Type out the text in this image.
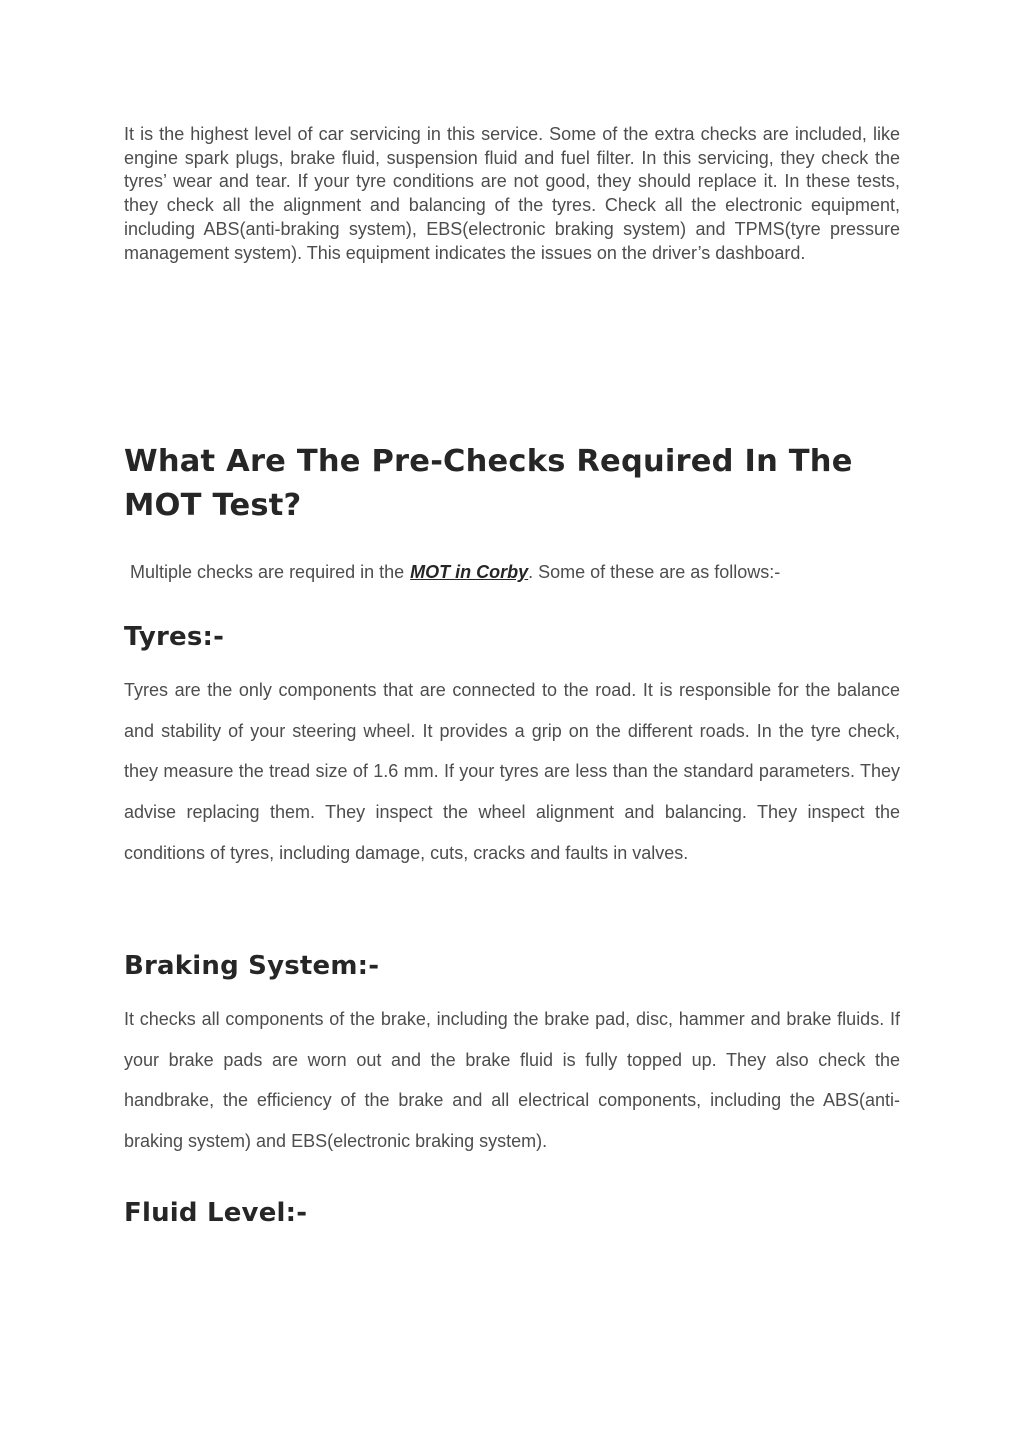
It is the highest level of car servicing in this service. Some of the extra checks are included, like engine spark plugs, brake fluid, suspension fluid and fuel filter. In this servicing, they check the tyres’ wear and tear. If your tyre conditions are not good, they should replace it. In these tests, they check all the alignment and balancing of the tyres. Check all the electronic equipment, including ABS(anti-braking system), EBS(electronic braking system) and TPMS(tyre pressure management system). This equipment indicates the issues on the driver’s dashboard.

What Are The Pre-Checks Required In The MOT Test?

Multiple checks are required in the MOT in Corby. Some of these are as follows:-

Tyres:-

Tyres are the only components that are connected to the road. It is responsible for the balance and stability of your steering wheel. It provides a grip on the different roads. In the tyre check, they measure the tread size of 1.6 mm. If your tyres are less than the standard parameters. They advise replacing them. They inspect the wheel alignment and balancing. They inspect the conditions of tyres, including damage, cuts, cracks and faults in valves.

Braking System:-

It checks all components of the brake, including the brake pad, disc, hammer and brake fluids. If your brake pads are worn out and the brake fluid is fully topped up. They also check the handbrake, the efficiency of the brake and all electrical components, including the ABS(anti-braking system) and EBS(electronic braking system).

Fluid Level:-
